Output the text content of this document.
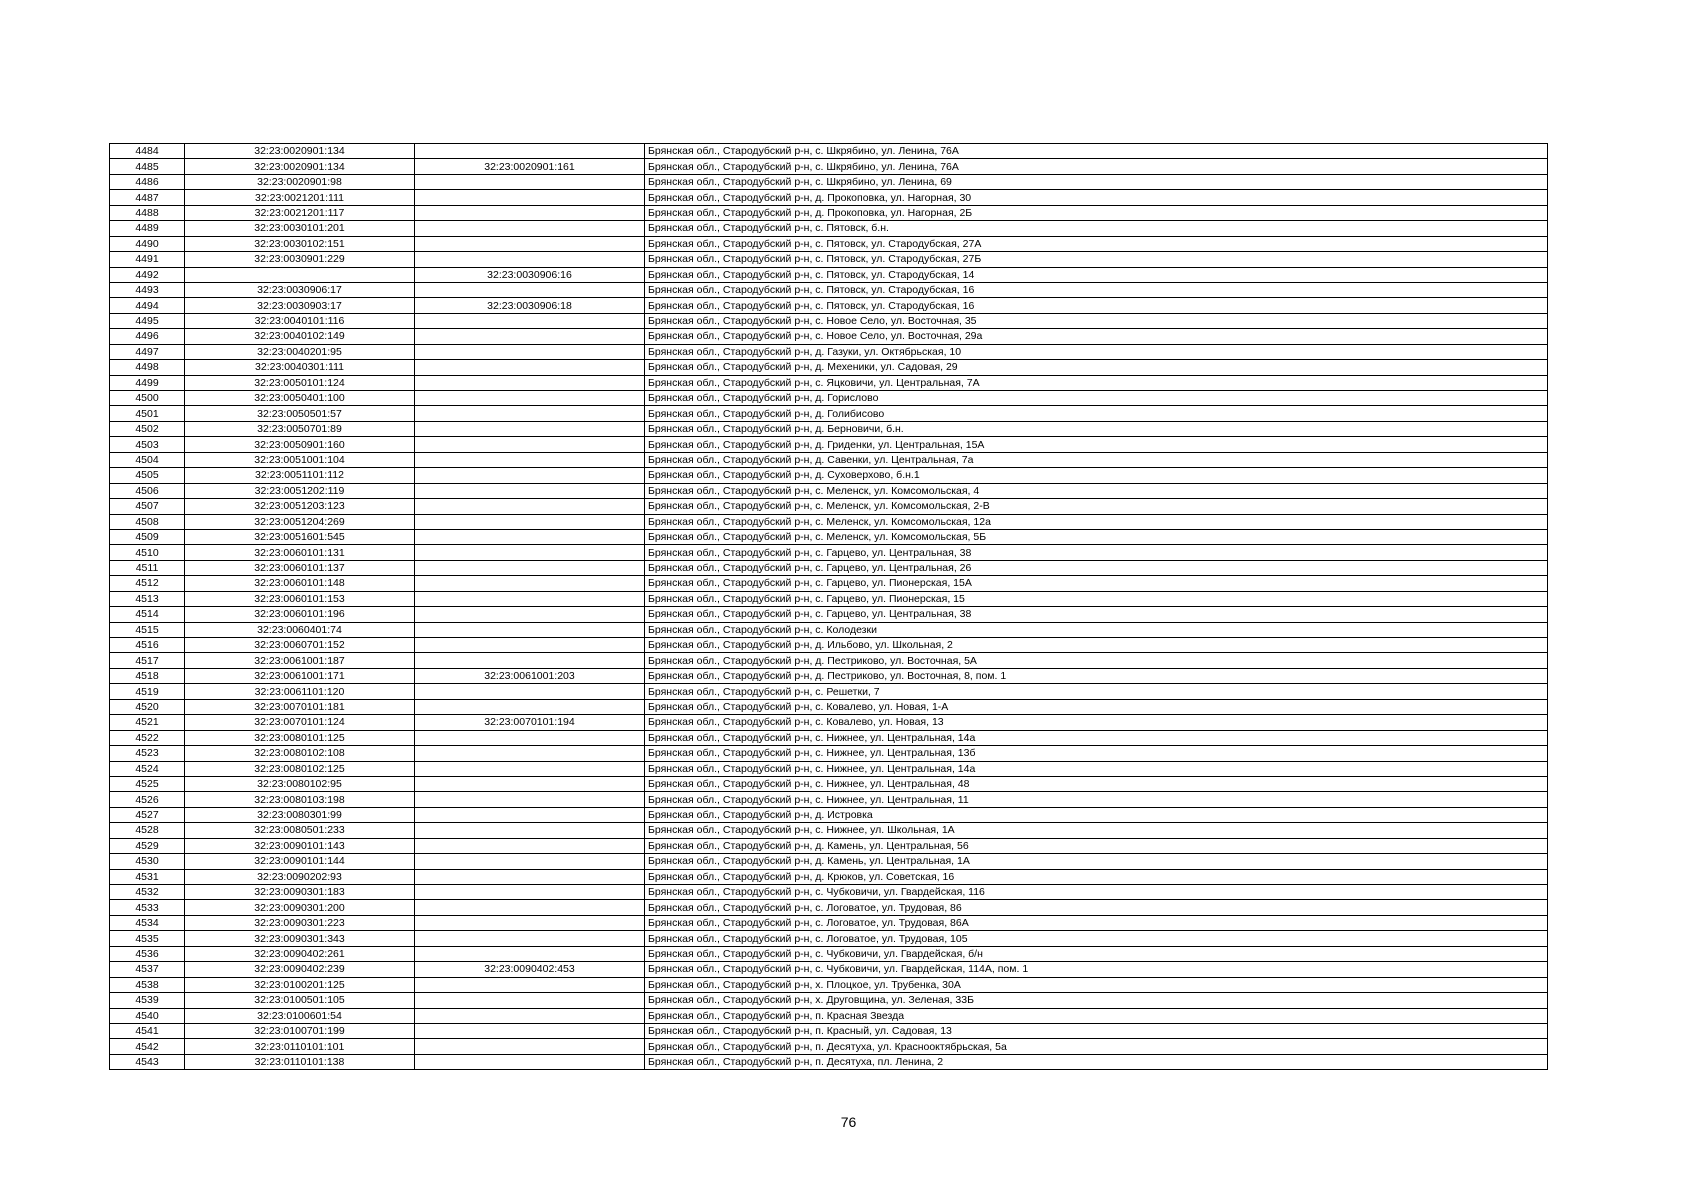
4484	32:23:0020901:134		Брянская обл., Стародубский р-н, с. Шкрябино, ул. Ленина, 76А
4485	32:23:0020901:134	32:23:0020901:161	Брянская обл., Стародубский р-н, с. Шкрябино, ул. Ленина, 76А
4486	32:23:0020901:98		Брянская обл., Стародубский р-н, с. Шкрябино, ул. Ленина, 69
4487	32:23:0021201:111		Брянская обл., Стародубский р-н, д. Прокоповка, ул. Нагорная, 30
4488	32:23:0021201:117		Брянская обл., Стародубский р-н, д. Прокоповка, ул. Нагорная, 2Б
4489	32:23:0030101:201		Брянская обл., Стародубский р-н, с. Пятовск, б.н.
4490	32:23:0030102:151		Брянская обл., Стародубский р-н, с. Пятовск, ул. Стародубская, 27А
4491	32:23:0030901:229		Брянская обл., Стародубский р-н, с. Пятовск, ул. Стародубская, 27Б
4492		32:23:0030906:16	Брянская обл., Стародубский р-н, с. Пятовск, ул. Стародубская, 14
4493	32:23:0030906:17		Брянская обл., Стародубский р-н, с. Пятовск, ул. Стародубская, 16
4494	32:23:0030903:17	32:23:0030906:18	Брянская обл., Стародубский р-н, с. Пятовск, ул. Стародубская, 16
4495	32:23:0040101:116		Брянская обл., Стародубский р-н, с. Новое Село, ул. Восточная, 35
4496	32:23:0040102:149		Брянская обл., Стародубский р-н, с. Новое Село, ул. Восточная, 29а
4497	32:23:0040201:95		Брянская обл., Стародубский р-н, д. Газуки, ул. Октябрьская, 10
4498	32:23:0040301:111		Брянская обл., Стародубский р-н, д. Мехеники, ул. Садовая, 29
4499	32:23:0050101:124		Брянская обл., Стародубский р-н, с. Яцковичи, ул. Центральная, 7А
4500	32:23:0050401:100		Брянская обл., Стародубский р-н, д. Горислово
4501	32:23:0050501:57		Брянская обл., Стародубский р-н, д. Голибисово
4502	32:23:0050701:89		Брянская обл., Стародубский р-н, д. Берновичи, б.н.
4503	32:23:0050901:160		Брянская обл., Стародубский р-н, д. Гриденки, ул. Центральная, 15А
4504	32:23:0051001:104		Брянская обл., Стародубский р-н, д. Савенки, ул. Центральная, 7а
4505	32:23:0051101:112		Брянская обл., Стародубский р-н, д. Суховерхово, б.н.1
4506	32:23:0051202:119		Брянская обл., Стародубский р-н, с. Меленск, ул. Комсомольская, 4
4507	32:23:0051203:123		Брянская обл., Стародубский р-н, с. Меленск, ул. Комсомольская, 2-В
4508	32:23:0051204:269		Брянская обл., Стародубский р-н, с. Меленск, ул. Комсомольская, 12а
4509	32:23:0051601:545		Брянская обл., Стародубский р-н, с. Меленск, ул. Комсомольская, 5Б
4510	32:23:0060101:131		Брянская обл., Стародубский р-н, с. Гарцево, ул. Центральная, 38
4511	32:23:0060101:137		Брянская обл., Стародубский р-н, с. Гарцево, ул. Центральная, 26
4512	32:23:0060101:148		Брянская обл., Стародубский р-н, с. Гарцево, ул. Пионерская, 15А
4513	32:23:0060101:153		Брянская обл., Стародубский р-н, с. Гарцево, ул. Пионерская, 15
4514	32:23:0060101:196		Брянская обл., Стародубский р-н, с. Гарцево, ул. Центральная, 38
4515	32:23:0060401:74		Брянская обл., Стародубский р-н, с. Колодезки
4516	32:23:0060701:152		Брянская обл., Стародубский р-н, д. Ильбово, ул. Школьная, 2
4517	32:23:0061001:187		Брянская обл., Стародубский р-н, д. Пестриково, ул. Восточная, 5А
4518	32:23:0061001:171	32:23:0061001:203	Брянская обл., Стародубский р-н, д. Пестриково, ул. Восточная, 8, пом. 1
4519	32:23:0061101:120		Брянская обл., Стародубский р-н, с. Решетки, 7
4520	32:23:0070101:181		Брянская обл., Стародубский р-н, с. Ковалево, ул. Новая, 1-А
4521	32:23:0070101:124	32:23:0070101:194	Брянская обл., Стародубский р-н, с. Ковалево, ул. Новая, 13
4522	32:23:0080101:125		Брянская обл., Стародубский р-н, с. Нижнее, ул. Центральная, 14а
4523	32:23:0080102:108		Брянская обл., Стародубский р-н, с. Нижнее, ул. Центральная, 13б
4524	32:23:0080102:125		Брянская обл., Стародубский р-н, с. Нижнее, ул. Центральная, 14а
4525	32:23:0080102:95		Брянская обл., Стародубский р-н, с. Нижнее, ул. Центральная, 48
4526	32:23:0080103:198		Брянская обл., Стародубский р-н, с. Нижнее, ул. Центральная, 11
4527	32:23:0080301:99		Брянская обл., Стародубский р-н, д. Истровка
4528	32:23:0080501:233		Брянская обл., Стародубский р-н, с. Нижнее, ул. Школьная, 1А
4529	32:23:0090101:143		Брянская обл., Стародубский р-н, д. Камень, ул. Центральная, 56
4530	32:23:0090101:144		Брянская обл., Стародубский р-н, д. Камень, ул. Центральная, 1А
4531	32:23:0090202:93		Брянская обл., Стародубский р-н, д. Крюков, ул. Советская, 16
4532	32:23:0090301:183		Брянская обл., Стародубский р-н, с. Чубковичи, ул. Гвардейская, 116
4533	32:23:0090301:200		Брянская обл., Стародубский р-н, с. Логоватое, ул. Трудовая, 86
4534	32:23:0090301:223		Брянская обл., Стародубский р-н, с. Логоватое, ул. Трудовая, 86А
4535	32:23:0090301:343		Брянская обл., Стародубский р-н, с. Логоватое, ул. Трудовая, 105
4536	32:23:0090402:261		Брянская обл., Стародубский р-н, с. Чубковичи, ул. Гвардейская, б/н
4537	32:23:0090402:239	32:23:0090402:453	Брянская обл., Стародубский р-н, с. Чубковичи, ул. Гвардейская, 114А, пом. 1
4538	32:23:0100201:125		Брянская обл., Стародубский р-н, х. Плоцкое, ул. Трубенка, 30А
4539	32:23:0100501:105		Брянская обл., Стародубский р-н, х. Друговщина, ул. Зеленая, 33Б
4540	32:23:0100601:54		Брянская обл., Стародубский р-н, п. Красная Звезда
4541	32:23:0100701:199		Брянская обл., Стародубский р-н, п. Красный, ул. Садовая, 13
4542	32:23:0110101:101		Брянская обл., Стародубский р-н, п. Десятуха, ул. Краснооктябрьская, 5а
4543	32:23:0110101:138		Брянская обл., Стародубский р-н, п. Десятуха, пл. Ленина, 2
76
